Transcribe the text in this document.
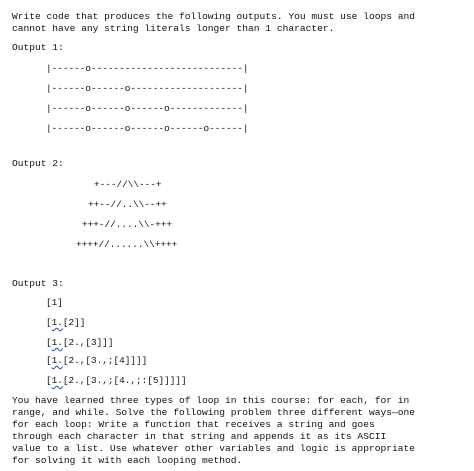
Write code that produces the following outputs. You must use loops and
cannot have any string literals longer than 1 character.
Output 1:
|------o---------------------------|
|------o------o--------------------|
|------o------o------o-------------|
|------o------o------o------o------|
Output 2:
+---//\\---+
++--//..\\--++
+++-//....\\-+++
++++//......\\++++
Output 3:
[1]
[1.[2]]
[1.[2.,[3]]]
[1.[2.,[3.,;[4]]]]
[1.[2.,[3.,;[4.,;:[5]]]]]
You have learned three types of loop in this course: for each, for in
range, and while. Solve the following problem three different ways—one
for each loop: Write a function that receives a string and goes
through each character in that string and appends it as its ASCII
value to a list. Use whatever other variables and logic is appropriate
for solving it with each looping method.
